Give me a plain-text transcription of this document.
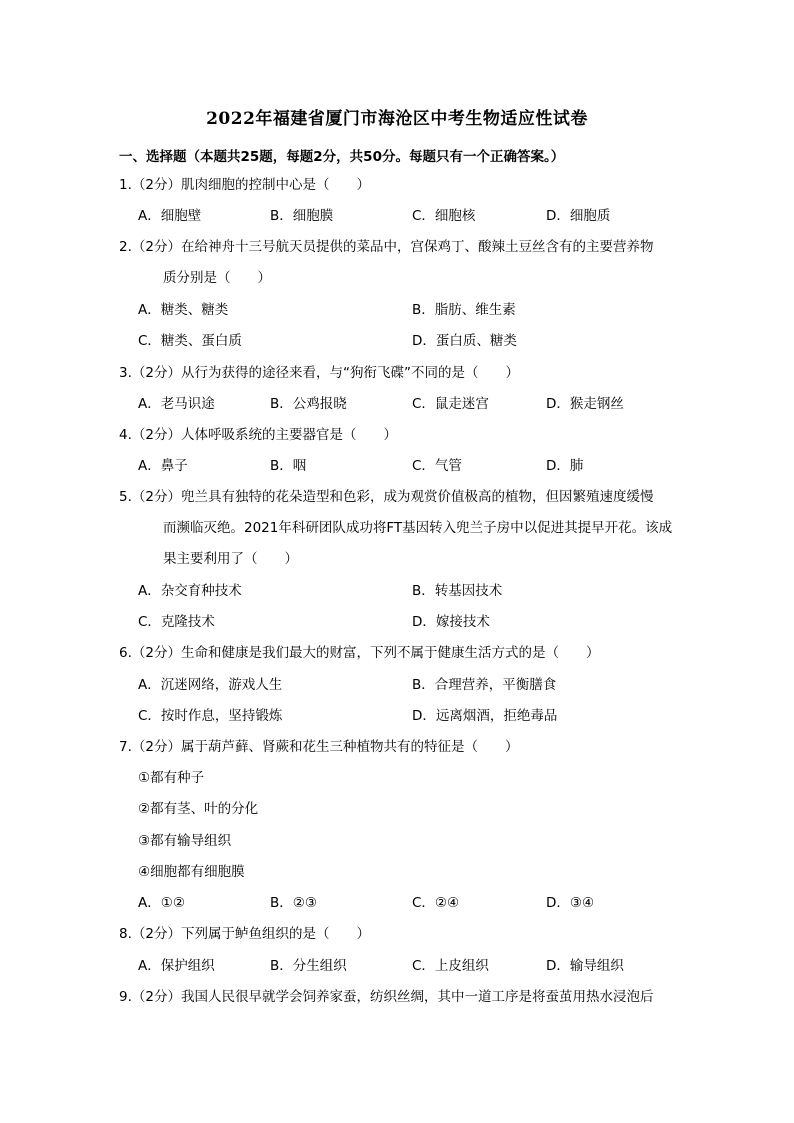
2022年福建省厦门市海沧区中考生物适应性试卷
一、选择题（本题共25题，每题2分，共50分。每题只有一个正确答案。）
1.（2分）肌肉细胞的控制中心是（　　）
A．细胞壁	B．细胞膜	C．细胞核	D．细胞质
2.（2分）在给神舟十三号航天员提供的菜品中，宫保鸡丁、酸辣土豆丝含有的主要营养物
质分别是（　　）
A．糖类、糖类	B．脂肪、维生素
C．糖类、蛋白质	D．蛋白质、糖类
3.（2分）从行为获得的途径来看，与“狗衔飞碟”不同的是（　　）
A．老马识途	B．公鸡报晓	C．鼠走迷宫	D．猴走钢丝
4.（2分）人体呼吸系统的主要器官是（　　）
A．鼻子	B．咽	C．气管	D．肺
5.（2分）兜兰具有独特的花朵造型和色彩，成为观赏价值极高的植物，但因繁殖速度缓慢
而濒临灭绝。2021年科研团队成功将FT基因转入兜兰子房中以促进其提早开花。该成
果主要利用了（　　）
A．杂交育种技术	B．转基因技术
C．克隆技术	D．嫁接技术
6.（2分）生命和健康是我们最大的财富，下列不属于健康生活方式的是（　　）
A．沉迷网络，游戏人生	B．合理营养，平衡膳食
C．按时作息，坚持锻炼	D．远离烟酒，拒绝毒品
7.（2分）属于葫芦藓、肾蕨和花生三种植物共有的特征是（　　）
①都有种子
②都有茎、叶的分化
③都有输导组织
④细胞都有细胞膜
A．①②	B．②③	C．②④	D．③④
8.（2分）下列属于鲈鱼组织的是（　　）
A．保护组织	B．分生组织	C．上皮组织	D．输导组织
9.（2分）我国人民很早就学会饲养家蚕，纺织丝绸，其中一道工序是将蚕茧用热水浸泡后
